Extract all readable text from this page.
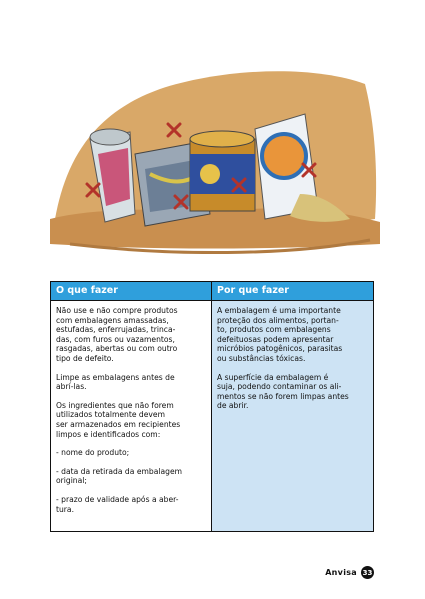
O que fazer	Por que fazer

Não use e não compre produtos
com embalagens amassadas,
estufadas, enferrujadas, trinca-
das, com furos ou vazamentos,
rasgadas, abertas ou com outro
tipo de defeito.

Limpe as embalagens antes de
abrí-las.

Os ingredientes que não forem
utilizados totalmente devem
ser armazenados em recipientes
limpos e identificados com:

- nome do produto;

- data da retirada da embalagem
original;

- prazo de validade após a aber-
tura.

A embalagem é uma importante
proteção dos alimentos, portan-
to, produtos com embalagens
defeituosas podem apresentar
micróbios patogênicos, parasitas
ou substâncias tóxicas.

A superfície da embalagem é
suja, podendo contaminar os ali-
mentos se não forem limpas antes
de abrir.

Anvisa 33
